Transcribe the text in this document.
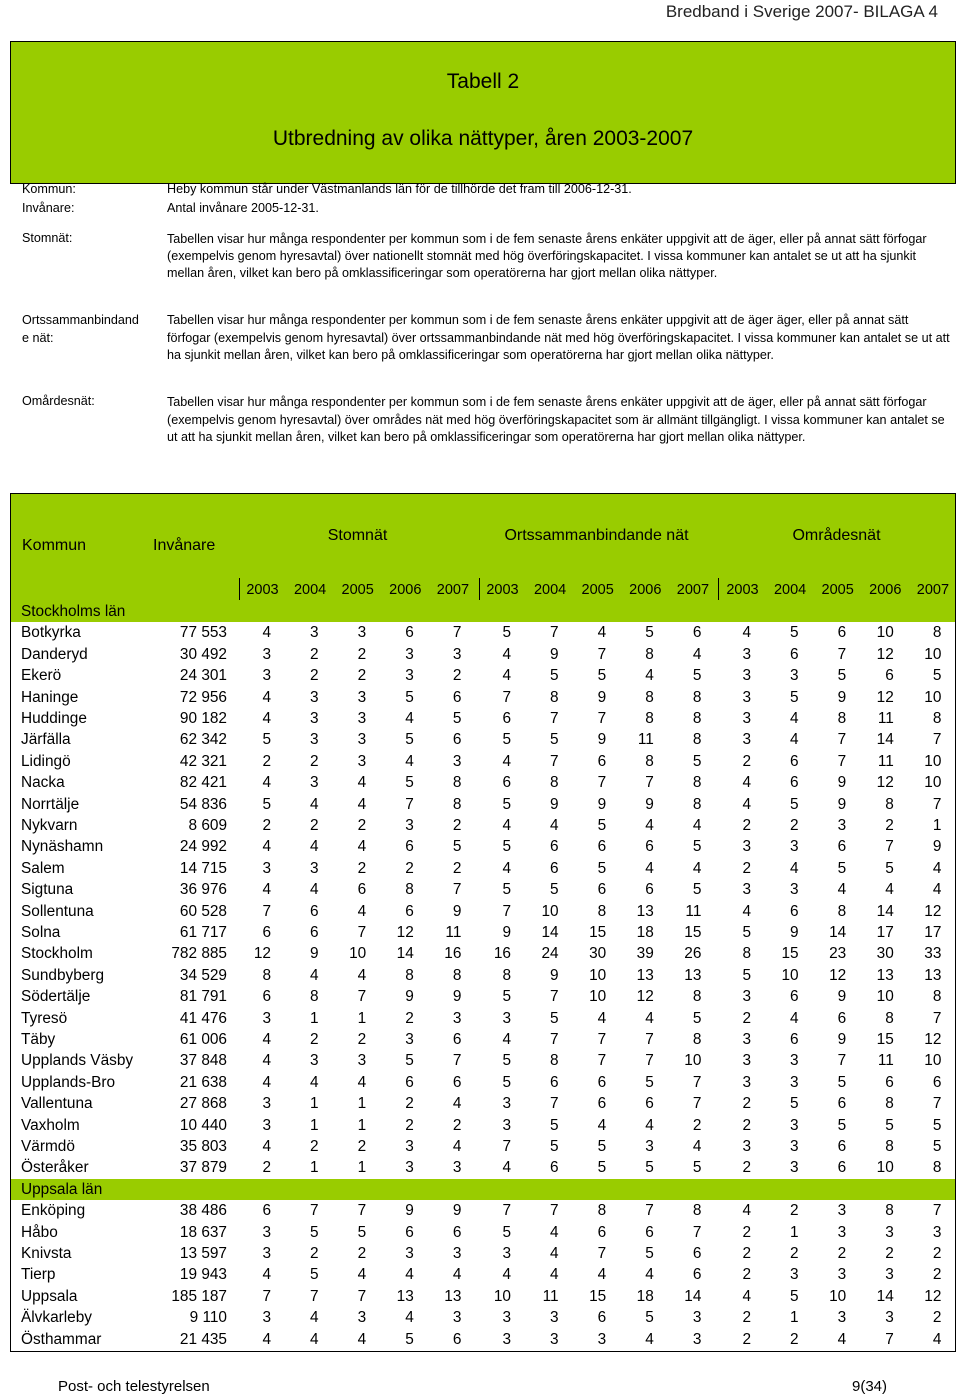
Bredband i Sverige 2007- BILAGA 4
Tabell 2
Utbredning av olika nättyper, åren 2003-2007
Kommun:	Heby kommun står under Västmanlands län för de tillhörde det fram till 2006-12-31.
Invånare:	Antal invånare 2005-12-31.
Stomnät:	Tabellen visar hur många respondenter per kommun som i de fem senaste årens enkäter uppgivit att de äger, eller på annat sätt förfogar (exempelvis genom hyresavtal) över nationellt stomnät med hög överföringskapacitet. I vissa kommuner kan antalet se ut att ha sjunkit mellan åren, vilket kan bero på omklassificeringar som operatörerna har gjort mellan olika nättyper.
Ortssammanbindand e nät:
Tabellen visar hur många respondenter per kommun som i de fem senaste årens enkäter uppgivit att de äger äger, eller på annat sätt förfogar (exempelvis genom hyresavtal) över ortssammanbindande nät med hög överföringskapacitet. I vissa kommuner kan antalet se ut att ha sjunkit mellan åren, vilket kan bero på omklassificeringar som operatörerna har gjort mellan olika nättyper.
Omårdesnät:	Tabellen visar hur många respondenter per kommun som i de fem senaste årens enkäter uppgivit att de äger, eller på annat sätt förfogar (exempelvis genom hyresavtal) över områdes nät med hög överföringskapacitet som är allmänt tillgängligt. I vissa kommuner kan antalet se ut att ha sjunkit mellan åren, vilket kan bero på omklassificeringar som operatörerna har gjort mellan olika nättyper.
Kommun	Invånare
Stomnät	Ortssammanbindande nät	Områdesnät
2003	2004	2005	2006	2007	2003	2004	2005	2006	2007	2003	2004	2005	2006	2007
Stockholms län
Botkyrka	77 553	4	3	3	6	7	5	7	4	5	6	4	5	6	10	8
Danderyd	30 492	3	2	2	3	3	4	9	7	8	4	3	6	7	12	10
Ekerö	24 301	3	2	2	3	2	4	5	5	4	5	3	3	5	6	5
Haninge	72 956	4	3	3	5	6	7	8	9	8	8	3	5	9	12	10
Huddinge	90 182	4	3	3	4	5	6	7	7	8	8	3	4	8	11	8
Järfälla	62 342	5	3	3	5	6	5	5	9	11	8	3	4	7	14	7
Lidingö	42 321	2	2	3	4	3	4	7	6	8	5	2	6	7	11	10
Nacka	82 421	4	3	4	5	8	6	8	7	7	8	4	6	9	12	10
Norrtälje	54 836	5	4	4	7	8	5	9	9	9	8	4	5	9	8	7
Nykvarn	8 609	2	2	2	3	2	4	4	5	4	4	2	2	3	2	1
Nynäshamn	24 992	4	4	4	6	5	5	6	6	6	5	3	3	6	7	9
Salem	14 715	3	3	2	2	2	4	6	5	4	4	2	4	5	5	4
Sigtuna	36 976	4	4	6	8	7	5	5	6	6	5	3	3	4	4	4
Sollentuna	60 528	7	6	4	6	9	7	10	8	13	11	4	6	8	14	12
Solna	61 717	6	6	7	12	11	9	14	15	18	15	5	9	14	17	17
Stockholm	782 885	12	9	10	14	16	16	24	30	39	26	8	15	23	30	33
Sundbyberg	34 529	8	4	4	8	8	8	9	10	13	13	5	10	12	13	13
Södertälje	81 791	6	8	7	9	9	5	7	10	12	8	3	6	9	10	8
Tyresö	41 476	3	1	1	2	3	3	5	4	4	5	2	4	6	8	7
Täby	61 006	4	2	2	3	6	4	7	7	7	8	3	6	9	15	12
Upplands Väsby	37 848	4	3	3	5	7	5	8	7	7	10	3	3	7	11	10
Upplands-Bro	21 638	4	4	4	6	6	5	6	6	5	7	3	3	5	6	6
Vallentuna	27 868	3	1	1	2	4	3	7	6	6	7	2	5	6	8	7
Vaxholm	10 440	3	1	1	2	2	3	5	4	4	2	2	3	5	5	5
Värmdö	35 803	4	2	2	3	4	7	5	5	3	4	3	3	6	8	5
Österåker	37 879	2	1	1	3	3	4	6	5	5	5	2	3	6	10	8
Uppsala län
Enköping	38 486	6	7	7	9	9	7	7	8	7	8	4	2	3	8	7
Håbo	18 637	3	5	5	6	6	5	4	6	6	7	2	1	3	3	3
Knivsta	13 597	3	2	2	3	3	3	4	7	5	6	2	2	2	2	2
Tierp	19 943	4	5	4	4	4	4	4	4	4	6	2	3	3	3	2
Uppsala	185 187	7	7	7	13	13	10	11	15	18	14	4	5	10	14	12
Älvkarleby	9 110	3	4	3	4	3	3	3	6	5	3	2	1	3	3	2
Östhammar	21 435	4	4	4	5	6	3	3	3	4	3	2	2	4	7	4
Post- och telestyrelsen	9(34)
